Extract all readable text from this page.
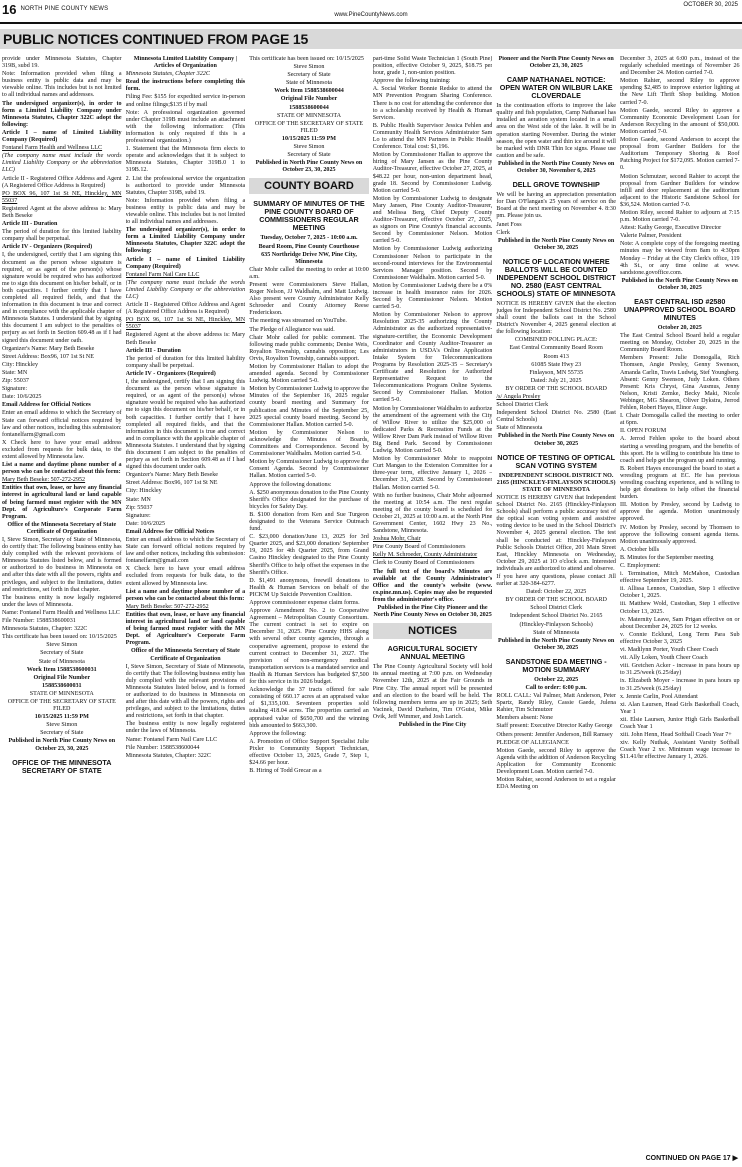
16 NORTH PINE COUNTY NEWS
OCTOBER 30, 2025
www.PineCountyNews.com
PUBLIC NOTICES CONTINUED FROM PAGE 15

provide under Minnesota Statutes, Chapter 319B, subd 19.

Note: Information provided when filing a business entity is public data and may be viewable online. This includes but is not limited to all individual names and addresses.

The undersigned organizer(s), in order to form a Limited Liability Company under Minnesota Statutes, Chapter 322C adopt the following:

Article I – name of Limited Liability Company (Required)

Fontanel Farm Health and Wellness LLC

(The company name must include the words Limited Liability Company or the abbreviation LLC)

Article II - Registered Office Address and Agent (A Registered Office Address is Required)

PO BOX 96, 107 1st St NE, Hinckley, MN 55037

Registered Agent at the above address is: Mary Beth Beseke

Article III - Duration

The period of duration for this limited liability company shall be perpetual.

Article IV - Organizers (Required)

I, the undersigned, certify that I am signing this document as the person whose signature is required, or as agent of the person(s) whose signature would be required who has authorized me to sign this document on his/her behalf, or in both capacities. I further certify that I have completed all required fields, and that the information in this document is true and correct and in compliance with the applicable chapter of Minnesota Statutes. I understand that by signing this document I am subject to the penalties of perjury as set forth in Section 609.48 as if I had signed this document under oath.

Organizer's Name: Mary Beth Beseke

Street Address: Box96, 107 1st St NE

City: Hinckley

State: MN

Zip: 55037

Signature:

Date: 10/6/2025

Email Address for Official Notices

Enter an email address to which the Secretary of State can forward official notices required by law and other notices, including this submission: fontanelfarm@gmail.com

X Check here to have your email address excluded from requests for bulk data, to the extent allowed by Minnesota law.

List a name and daytime phone number of a person who can be contacted about this form:

Mary Beth Beseke: 507-272-2952

Entities that own, lease, or have any financial interest in agricultural land or land capable of being farmed must register with the MN Dept. of Agriculture's Corporate Farm Program.

Office of the Minnesota Secretary of State Certificate of Organization

I, Steve Simon, Secretary of State of Minnesota, do certify that: The following business entity has duly complied with the relevant provisions of Minnesota Statutes listed below, and is formed or authorized to do business in Minnesota on and after this date with all the powers, rights and privileges, and subject to the limitations, duties and restrictions, set forth in that chapter.

The business entity is now legally registered under the laws of Minnesota.

Name: Fontanel Farm Health and Wellness LLC

File Number: 1588538600031

Minnesota Statutes, Chapter: 322C

This certificate has been issued on: 10/15/2025

Steve Simon

Secretary of State

State of Minnesota

Work Item 1588538600031

Original File Number

1588538600031

STATE OF MINNESOTA

OFFICE OF THE SECRETARY OF STATE FILED

10/15/2025 11:59 PM

Steve Simon

Secretary of State

Published in North Pine County News on October 23, 30, 2025

OFFICE OF THE MINNESOTA SECRETARY OF STATE

Minnesota Limited Liability Company | Articles of Organization

Minnesota Statutes, Chapter 322C

Read the instructions before completing this form.

Filing Fee: $155 for expedited service in-person and online filings;$135 if by mail

Note: A professional organization governed under Chapter 319B must include an attachment with the following information: (This information is only required if this is a professional organization.)

1. Statement that the Minnesota firm elects to operate and acknowledges that it is subject to Minnesota Statutes, Chapter 319B.0 1 to 319B.12.

2. List the professional service the organization is authorized to provide under Minnesota Statutes, Chapter 319B, subd 19.

Note: Information provided when filing a business entity is public data and may be viewable online. This includes but is not limited to all individual names and addresses.

The undersigned organizer(s), in order to form a Limited Liability Company under Minnesota Statutes, Chapter 322C adopt the following:

Article I – name of Limited Liability Company (Required)

Fontanel Farm Nail Care LLC

(The company name must include the words Limited Liability Company or the abbreviation LLC)

Article II - Registered Office Address and Agent (A Registered Office Address is Required)

PO BOX 96, 107 1st St NE, Hinckley, MN 55037

Registered Agent at the above address is: Mary Beth Beseke

Article III - Duration

The period of duration for this limited liability company shall be perpetual.

Article IV - Organizers (Required)

I, the undersigned, certify that I am signing this document as the person whose signature is required, or as agent of the person(s) whose signature would be required who has authorized me to sign this document on his/her behalf, or in both capacities. I further certify that I have completed all required fields, and that the information in this document is true and correct and in compliance with the applicable chapter of Minnesota Statutes. I understand that by signing this document I am subject to the penalties of perjury as set forth in Section 609.48 as if I had signed this document under oath.

Organizer's Name: Mary Beth Beseke

Street Address: Box96, 107 1st St NE

City: Hinckley

State: MN

Zip: 55037

Signature:

Date: 10/6/2025

Email Address for Official Notices

Enter an email address to which the Secretary of State can forward official notices required by law and other notices, including this submission: fontanelfarm@gmail.com

X Check here to have your email address excluded from requests for bulk data, to the extent allowed by Minnesota law.

List a name and daytime phone number of a person who can be contacted about this form:

Mary Beth Beseke: 507-272-2952

Entities that own, lease, or have any financial interest in agricultural land or land capable of being farmed must register with the MN Dept. of Agriculture's Corporate Farm Program.

Office of the Minnesota Secretary of State Certificate of Organization

I, Steve Simon, Secretary of State of Minnesota, do certify that: The following business entity has duly complied with the relevant provisions of Minnesota Statutes listed below, and is formed or authorized to do business in Minnesota on and after this date with all the powers, rights and privileges, and subject to the limitations, duties and restrictions, set forth in that chapter.

The business entity is now legally registered under the laws of Minnesota.

Name: Fontanel Farm Nail Care LLC

File Number: 1588538600044

Minnesota Statutes, Chapter: 322C

This certificate has been issued on: 10/15/2025

Steve Simon

Secretary of State

State of Minnesota

Work Item 1588538600044

Original File Number

1588538600044

STATE OF MINNESOTA

OFFICE OF THE SECRETARY OF STATE FILED

10/15/2025 11:59 PM

Steve Simon

Secretary of State

Published in North Pine County News on October 23, 30, 2025

COUNTY BOARD
SUMMARY OF MINUTES OF THE PINE COUNTY BOARD OF COMMISSIONERS REGULAR MEETING

Tuesday, October 7, 2025 - 10:00 a.m.

Board Room, Pine County Courthouse

635 Northridge Drive NW, Pine City, Minnesota

Chair Mohr called the meeting to order at 10:00 a.m.

Present were Commissioners Steve Hallan, Roger Nelson, JJ Waldhalm, and Matt Ludwig. Also present were County Administrator Kelly Schroeder and County Attorney Reese Frederickson.

The meeting was streamed on YouTube.

The Pledge of Allegiance was said.

Chair Mohr called for public comment. The following made public comments; Denise Weis, Royalton Township, cannabis opposition; Les Orvis, Royalton Township, cannabis support.

Motion by Commissioner Hallan to adopt the amended agenda. Second by Commissioner Ludwig. Motion carried 5-0.

Motion by Commissioner Ludwig to approve the Minutes of the September 16, 2025 regular county board meeting and Summary for publication and Minutes of the September 25, 2025 special county board meeting. Second by Commissioner Hallan. Motion carried 5-0.

Motion by Commissioner Nelson to acknowledge the Minutes of Boards, Committees and Correspondence. Second by Commissioner Waldhalm. Motion carried 5-0.

Motion by Commissioner Ludwig to approve the Consent Agenda. Second by Commissioner Hallan. Motion carried 5-0.

Approve the following donations:

A. $250 anonymous donation to the Pine County Sheriff's Office designated for the purchase of bicycles for Safety Day.

B. $100 donation from Ken and Sue Turgeon designated to the Veterans Service Outreach fund.

C. $23,000 donation/June 13, 2025 for 3rd Quarter 2025, and $23,000 donation/ September 19, 2025 for 4th Quarter 2025, from Grand Casino Hinckley designated to the Pine County Sheriff's Office to help offset the expenses in the Sheriff's Office.

D. $1,491 anonymous, freewill donations to Health & Human Services on behalf of the PICK'M Up Suicide Prevention Coalition.

Approve commissioner expense claim forms.

Approve Amendment No. 2 to Cooperative Agreement – Metropolitan County Consortium. The current contract is set to expire on December 31, 2025. Pine County HHS along with several other county agencies, through a cooperative agreement, propose to extend the current contract to December 31, 2027. The provision of non-emergency medical transportation services is a mandated service and Health & Human Services has budgeted $7,500 for this service in its 2026 budget.

Acknowledge the 37 tracts offered for sale consisting of 660.17 acres at an appraised value of $1,335,100. Seventeen properties sold totaling 418.04 acres. The properties carried an appraised value of $650,700 and the winning bids amounted to $663,300.

Approve the following:

A. Promotion of Office Support Specialist Julie Pixler to Community Support Technician, effective October 13, 2025, Grade 7, Step 1, $24.66 per hour.

B. Hiring of Todd Grecar as a

part-time Solid Waste Technician 1 (South Pine) position, effective October 9, 2025, $18.75 per hour, grade 1, non-union position.

Approve the following training:

A. Social Worker Bonnie Redske to attend the MN Prevention Program Sharing Conference. There is no cost for attending the conference due to a scholarship received by Health & Human Services.

B. Public Health Supervisor Jessica Fehlen and Community Health Services Administrator Sam Lo to attend the MN Partners in Public Health Conference. Total cost: $1,196.

Motion by Commissioner Hallan to approve the hiring of Mary Jansen as the Pine County Auditor-Treasurer, effective October 27, 2025, at $48.22 per hour, non-union department head, grade 18. Second by Commissioner Ludwig. Motion carried 5-0.

Motion by Commissioner Ludwig to designate Mary Jansen, Pine County Auditor-Treasurer, and Melissa Berg, Chief Deputy County Auditor-Treasurer, effective October 27, 2025, as signors on Pine County's financial accounts. Second by Commissioner Nelson. Motion carried 5-0.

Motion by Commissioner Ludwig authorizing Commissioner Nelson to participate in the second-round interviews for the Environmental Services Manager position. Second by Commissioner Waldhalm. Motion carried 5-0.

Motion by Commissioner Ludwig there be a 0% increase in health insurance rates for 2026. Second by Commissioner Nelson. Motion carried 5-0.

Motion by Commissioner Nelson to approve Resolution 2025-35 authorizing the County Administrator as the authorized representative-signature-certifier, the Economic Development Coordinator and County Auditor-Treasurer as administrators in USDA's Online Application Intake System for Telecommunications Programs by Resolution 2025-35 – Secretary's Certificate and Resolution for Authorized Representative Request to the Telecommunications Program Online Systems. Second by Commissioner Hallan. Motion carried 5-0.

Motion by Commissioner Waldhalm to authorize the amendment of the agreement with the City of Willow River to utilize the $25,000 of dedicated Parks & Recreation Funds at the Willow River Dam Park instead of Willow River Big Bend Park. Second by Commissioner Ludwig. Motion carried 5-0.

Motion by Commissioner Mohr to reappoint Curt Mangan to the Extension Committee for a three-year term, effective January 1, 2026 – December 31, 2028. Second by Commissioner Hallan. Motion carried 5-0.

With no further business, Chair Mohr adjourned the meeting at 10:54 a.m. The next regular meeting of the county board is scheduled for October 21, 2025 at 10:00 a.m. at the North Pine Government Center, 1602 Hwy 23 No., Sandstone, Minnesota.

Joshua Mohr, Chair

Pine County Board of Commissioners

Kelly M. Schroeder, County Administrator

Clerk to County Board of Commissioners

The full text of the board's Minutes are available at the County Administrator's Office and the county's website (www. co.pine.mn.us). Copies may also be requested from the administrator's office.

Published in the Pine City Pioneer and the North Pine County News on October 30, 2025

NOTICES
AGRICULTURAL SOCIETY ANNUAL MEETING

The Pine County Agricultural Society will hold its annual meeting at 7:00 p.m. on Wednesday November 12th, 2025 at the Fair Grounds in Pine City. The annual report will be presented and an election to the board will be held. The following members terms are up in 2025; Seth Vacinek, David Durheim, Tim O'Guist, Mike Ovik, Jeff Wimmer, and Josh Larich.

Published in the Pine City

Pioneer and the North Pine County News on October 23, 30, 2025

CAMP NATHANAEL NOTICE: OPEN WATER ON WILBUR LAKE CLOVERDALE

In the continuation efforts to improve the lake quality and fish population, Camp Nathanael has installed an aeration system located in a small area on the West side of the lake. It will be in operation starting November. During the winter season, the open water and thin ice around it will be marked with DNR Thin Ice signs. Please use caution and be safe.

Published in the North Pine County News on October 30, November 6, 2025

DELL GROVE TOWNSHIP

We will be having an appreciation presentation for Dan O'Flangan's 25 years of service on the Board at the next meeting on November 4. 8:30 pm. Please join us.

Janet Foss

Clerk

Published in the North Pine County News on October 30, 2025

NOTICE OF LOCATION WHERE BALLOTS WILL BE COUNTED INDEPENDENT SCHOOL DISTRICT NO. 2580 (EAST CENTRAL SCHOOLS) STATE OF MINNESOTA

NOTICE IS HEREBY GIVEN that the election judges for Independent School District No. 2580 shall count the ballots cast in the School District's November 4, 2025 general election at the following location:

COMBINED POLLING PLACE:

East Central Community Board Room

Room 413

61085 State Hwy 23

Finlayson, MN 55735

Dated: July 21, 2025

BY ORDER OF THE SCHOOL BOARD

/s/ Angela Presley

School District Clerk

Independent School District No. 2580 (East Central Schools)

State of Minnesota

Published in the North Pine County News on October 30, 2025

NOTICE OF TESTING OF OPTICAL SCAN VOTING SYSTEM

INDEPENDENT SCHOOL DISTRICT NO. 2165 (HINCKLEY-FINLAYSON SCHOOLS) STATE OF MINNESOTA

NOTICE IS HEREBY GIVEN that Independent School District No. 2165 (Hinckley-Finlayson Schools) shall perform a public accuracy test of the optical scan voting system and assistive voting device to be used in the School District's November 4, 2025 general election. The test shall be conducted at: Hinckley-Finlayson Public Schools District Office, 201 Main Street East, Hinckley Minnesota on Wednesday, October 29, 2025 at 1O o'clock a.m. Interested individuals are authorized to attend and observe.

If you have any questions, please contact Jill earlier at 320-384-6277.

Dated: October 22, 2025

BY ORDER OF THE SCHOOL BOARD

School District Clerk

Independent School District No. 2165

(Hinckley-Finlayson Schools)

State of Minnesota

Published in the North Pine County News on October 30, 2025

SANDSTONE EDA MEETING - MOTION SUMMARY

October 22, 2025

Call to order: 6:00 p.m.

ROLL CALL: Val Palmer, Matt Anderson, Peter Spartz, Randy Riley, Cassie Gaede, Julena Rahier, Tim Schmutzer

Members absent: None

Staff present: Executive Director Kathy George

Others present: Jennifer Anderson, Bill Ramsey

PLEDGE OF ALLEGIANCE

Motion Gaede, second Riley to approve the Agenda with the addition of Anderson Recycling Application for Community Economic Development Loan. Motion carried 7-0.

Motion Rahier, second Anderson to set a regular EDA Meeting on

December 3, 2025 at 6:00 p.m., instead of the regularly scheduled meetings of November 26 and December 24. Motion carried 7-0.

Motion Rahier, second Riley to approve spending $2,485 to improve exterior lighting at the New Lift Thrift Shop building. Motion carried 7-0.

Motion Gaede, second Riley to approve a Community Economic Development Loan for Anderson Recycling in the amount of $50,000. Motion carried 7-0.

Motion Gaede, second Anderson to accept the proposal from Gardner Builders for the Auditorium Temporary Shoring & Roof Patching Project for $172,095. Motion carried 7-0.

Motion Schmutzer, second Rahier to accept the proposal from Gardner Builders for window infill and door replacement at the auditorium adjacent to the Historic Sandstone School for $36,524. Motion carried 7-0.

Motion Riley, second Rahier to adjourn at 7:15 p.m. Motion carried 7-0.

Attest: Kathy George, Executive Director

Valerie Palmer, President

Note: A complete copy of the foregoing meeting minutes may be viewed from 8am to 4:30pm Monday – Friday at the City Clerk's office, 119 4th St., or any time online at www. sandstone.govoffice.com.

Published in the North Pine County News on October 30, 2025

EAST CENTRAL ISD #2580 UNAPPROVED SCHOOL BOARD MINUTES

October 20, 2025

The East Central School Board held a regular meeting on Monday, October 20, 2025 in the Community Board Room.

Members Present: Julie Domogalla, Rich Thomsen, Angie Presley, Genny Swenson, Amanda Carlin, Travis Ludwig, Stef Youngberg. Absent: Genny Swenson, Judy Loken. Others Present: Kris Chryst, Gina Ausmus, Jenny Nelson, Kristi Zemke, Becky Maki, Nicole Webinger, MG Shearon, Oliver Dykstra, Jerrod Fehlen, Robert Hayes, Elinor Auge.

I. Chair Domogalla called the meeting to order at 6pm.

II. OPEN FORUM

A. Jerrod Fehlen spoke to the board about starting a wrestling program, and the benefits of this sport. He is willing to contribute his time to coach and help get the program up and running.

B. Robert Hayes encouraged the board to start a wrestling program at EC. He has previous wrestling coaching experience, and is willing to help get donations to help offset the financial burden.

III. Motion by Presley, second by Ludwig to approve the agenda. Motion unanimously approved.

IV. Motion by Presley, second by Thomsen to approve the following consent agenda items. Motion unanimously approved.

A. October bills

B. Minutes for the September meeting

C. Employment:

i. Termination, Mitch McMahon, Custodian effective September 19, 2025.

ii. Allissa Lennox, Custodian, Step 1 effective October 1, 2025.

iii. Matthew Wold, Custodian, Step 1 effective October 13, 2025.

iv. Maternity Leave, Sam Prigan effective on or about December 24, 2025 for 12 weeks.

v. Connie Ecklund, Long Term Para Sub effective October 3, 2025

vi. Madilynn Porter, Youth Cheer Coach

vii. Ally Loken, Youth Cheer Coach

viii. Gretchen Acker - increase in para hours up to 31.25/week (6.25/day)

ix. Elizabeth Moyer - increase in para hours up to 31.25/week (6.25/day)

x. Jennie Carlin, Pool Attendant

xi. Alan Laursen, Head Girls Basketball Coach, Year 1

xii. Elsie Laursen, Junior High Girls Basketball Coach Year 1

xiii. John Henn, Head Softball Coach Year 7+

xiv. Kelly Nuthak, Assistant Varsity Softball Coach Year 2 xv. Minimum wage increase to $11.41/hr effective January 1, 2026.

CONTINUED ON PAGE 17 ▶
